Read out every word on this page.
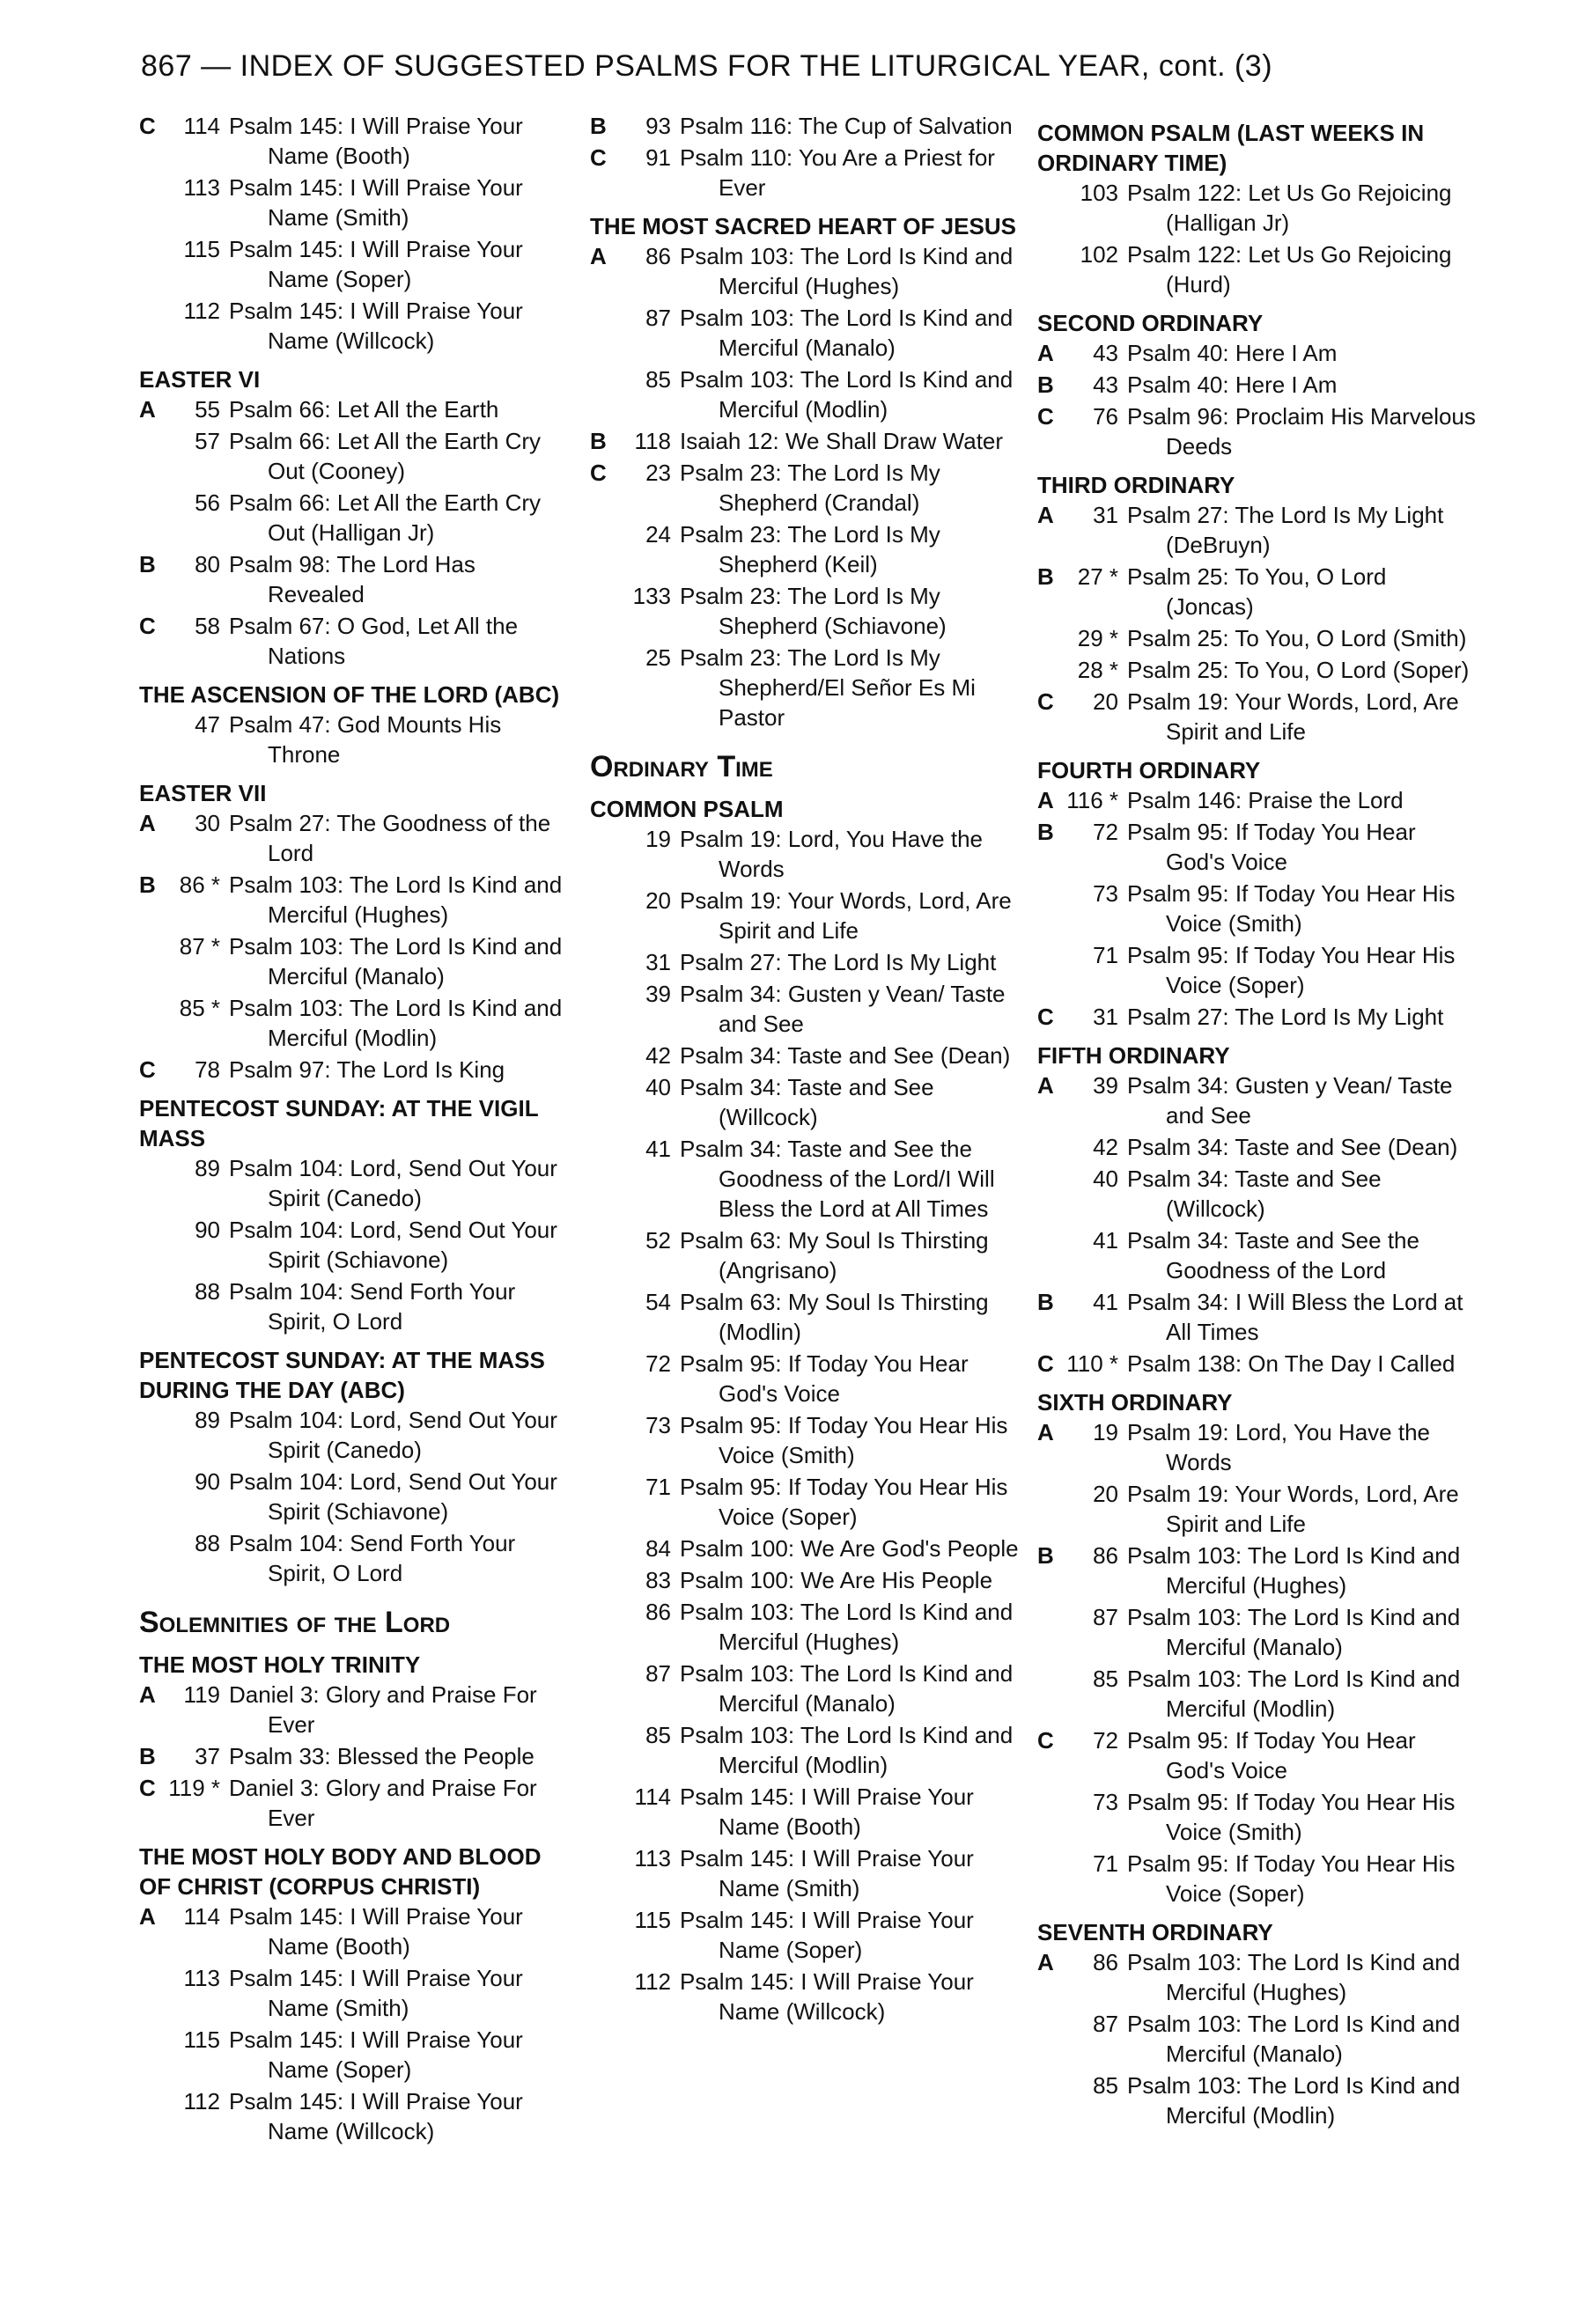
867 — INDEX OF SUGGESTED PSALMS FOR THE LITURGICAL YEAR, cont. (3)
C	114 Psalm 145: I Will Praise Your Name (Booth)
113 Psalm 145: I Will Praise Your Name (Smith)
115 Psalm 145: I Will Praise Your Name (Soper)
112 Psalm 145: I Will Praise Your Name (Willcock)
EASTER VI
A	55 Psalm 66: Let All the Earth
57 Psalm 66: Let All the Earth Cry Out (Cooney)
56 Psalm 66: Let All the Earth Cry Out (Halligan Jr)
B	80 Psalm 98: The Lord Has Revealed
C	58 Psalm 67: O God, Let All the Nations
THE ASCENSION OF THE LORD (ABC)
47 Psalm 47: God Mounts His Throne
EASTER VII
A	30 Psalm 27: The Goodness of the Lord
B	86 * Psalm 103: The Lord Is Kind and Merciful (Hughes)
87 * Psalm 103: The Lord Is Kind and Merciful (Manalo)
85 * Psalm 103: The Lord Is Kind and Merciful (Modlin)
C	78 Psalm 97: The Lord Is King
PENTECOST SUNDAY: AT THE VIGIL MASS
89 Psalm 104: Lord, Send Out Your Spirit (Canedo)
90 Psalm 104: Lord, Send Out Your Spirit (Schiavone)
88 Psalm 104: Send Forth Your Spirit, O Lord
PENTECOST SUNDAY: AT THE MASS DURING THE DAY (ABC)
89 Psalm 104: Lord, Send Out Your Spirit (Canedo)
90 Psalm 104: Lord, Send Out Your Spirit (Schiavone)
88 Psalm 104: Send Forth Your Spirit, O Lord
Solemnities of the Lord
THE MOST HOLY TRINITY
A	119 Daniel 3: Glory and Praise For Ever
B	37 Psalm 33: Blessed the People
C 119 * Daniel 3: Glory and Praise For Ever
THE MOST HOLY BODY AND BLOOD OF CHRIST (CORPUS CHRISTI)
A	114 Psalm 145: I Will Praise Your Name (Booth)
113 Psalm 145: I Will Praise Your Name (Smith)
115 Psalm 145: I Will Praise Your Name (Soper)
112 Psalm 145: I Will Praise Your Name (Willcock)
B	93 Psalm 116: The Cup of Salvation
C	91 Psalm 110: You Are a Priest for Ever
THE MOST SACRED HEART OF JESUS
A	86 Psalm 103: The Lord Is Kind and Merciful (Hughes)
87 Psalm 103: The Lord Is Kind and Merciful (Manalo)
85 Psalm 103: The Lord Is Kind and Merciful (Modlin)
B	118 Isaiah 12: We Shall Draw Water
C	23 Psalm 23: The Lord Is My Shepherd (Crandal)
24 Psalm 23: The Lord Is My Shepherd (Keil)
133 Psalm 23: The Lord Is My Shepherd (Schiavone)
25 Psalm 23: The Lord Is My Shepherd/El Señor Es Mi Pastor
Ordinary Time
COMMON PSALM
19 Psalm 19: Lord, You Have the Words
20 Psalm 19: Your Words, Lord, Are Spirit and Life
31 Psalm 27: The Lord Is My Light
39 Psalm 34: Gusten y Vean/ Taste and See
42 Psalm 34: Taste and See (Dean)
40 Psalm 34: Taste and See (Willcock)
41 Psalm 34: Taste and See the Goodness of the Lord/I Will Bless the Lord at All Times
52 Psalm 63: My Soul Is Thirsting (Angrisano)
54 Psalm 63: My Soul Is Thirsting (Modlin)
72 Psalm 95: If Today You Hear God's Voice
73 Psalm 95: If Today You Hear His Voice (Smith)
71 Psalm 95: If Today You Hear His Voice (Soper)
84 Psalm 100: We Are God's People
83 Psalm 100: We Are His People
86 Psalm 103: The Lord Is Kind and Merciful (Hughes)
87 Psalm 103: The Lord Is Kind and Merciful (Manalo)
85 Psalm 103: The Lord Is Kind and Merciful (Modlin)
114 Psalm 145: I Will Praise Your Name (Booth)
113 Psalm 145: I Will Praise Your Name (Smith)
115 Psalm 145: I Will Praise Your Name (Soper)
112 Psalm 145: I Will Praise Your Name (Willcock)
COMMON PSALM (LAST WEEKS IN ORDINARY TIME)
103 Psalm 122: Let Us Go Rejoicing (Halligan Jr)
102 Psalm 122: Let Us Go Rejoicing (Hurd)
SECOND ORDINARY
A	43 Psalm 40: Here I Am
B	43 Psalm 40: Here I Am
C	76 Psalm 96: Proclaim His Marvelous Deeds
THIRD ORDINARY
A	31 Psalm 27: The Lord Is My Light (DeBruyn)
B	27 * Psalm 25: To You, O Lord (Joncas)
29 * Psalm 25: To You, O Lord (Smith)
28 * Psalm 25: To You, O Lord (Soper)
C	20 Psalm 19: Your Words, Lord, Are Spirit and Life
FOURTH ORDINARY
A 116 * Psalm 146: Praise the Lord
B	72 Psalm 95: If Today You Hear God's Voice
73 Psalm 95: If Today You Hear His Voice (Smith)
71 Psalm 95: If Today You Hear His Voice (Soper)
C	31 Psalm 27: The Lord Is My Light
FIFTH ORDINARY
A	39 Psalm 34: Gusten y Vean/ Taste and See
42 Psalm 34: Taste and See (Dean)
40 Psalm 34: Taste and See (Willcock)
41 Psalm 34: Taste and See the Goodness of the Lord
B	41 Psalm 34: I Will Bless the Lord at All Times
C 110 * Psalm 138: On The Day I Called
SIXTH ORDINARY
A	19 Psalm 19: Lord, You Have the Words
20 Psalm 19: Your Words, Lord, Are Spirit and Life
B	86 Psalm 103: The Lord Is Kind and Merciful (Hughes)
87 Psalm 103: The Lord Is Kind and Merciful (Manalo)
85 Psalm 103: The Lord Is Kind and Merciful (Modlin)
C	72 Psalm 95: If Today You Hear God's Voice
73 Psalm 95: If Today You Hear His Voice (Smith)
71 Psalm 95: If Today You Hear His Voice (Soper)
SEVENTH ORDINARY
A	86 Psalm 103: The Lord Is Kind and Merciful (Hughes)
87 Psalm 103: The Lord Is Kind and Merciful (Manalo)
85 Psalm 103: The Lord Is Kind and Merciful (Modlin)
